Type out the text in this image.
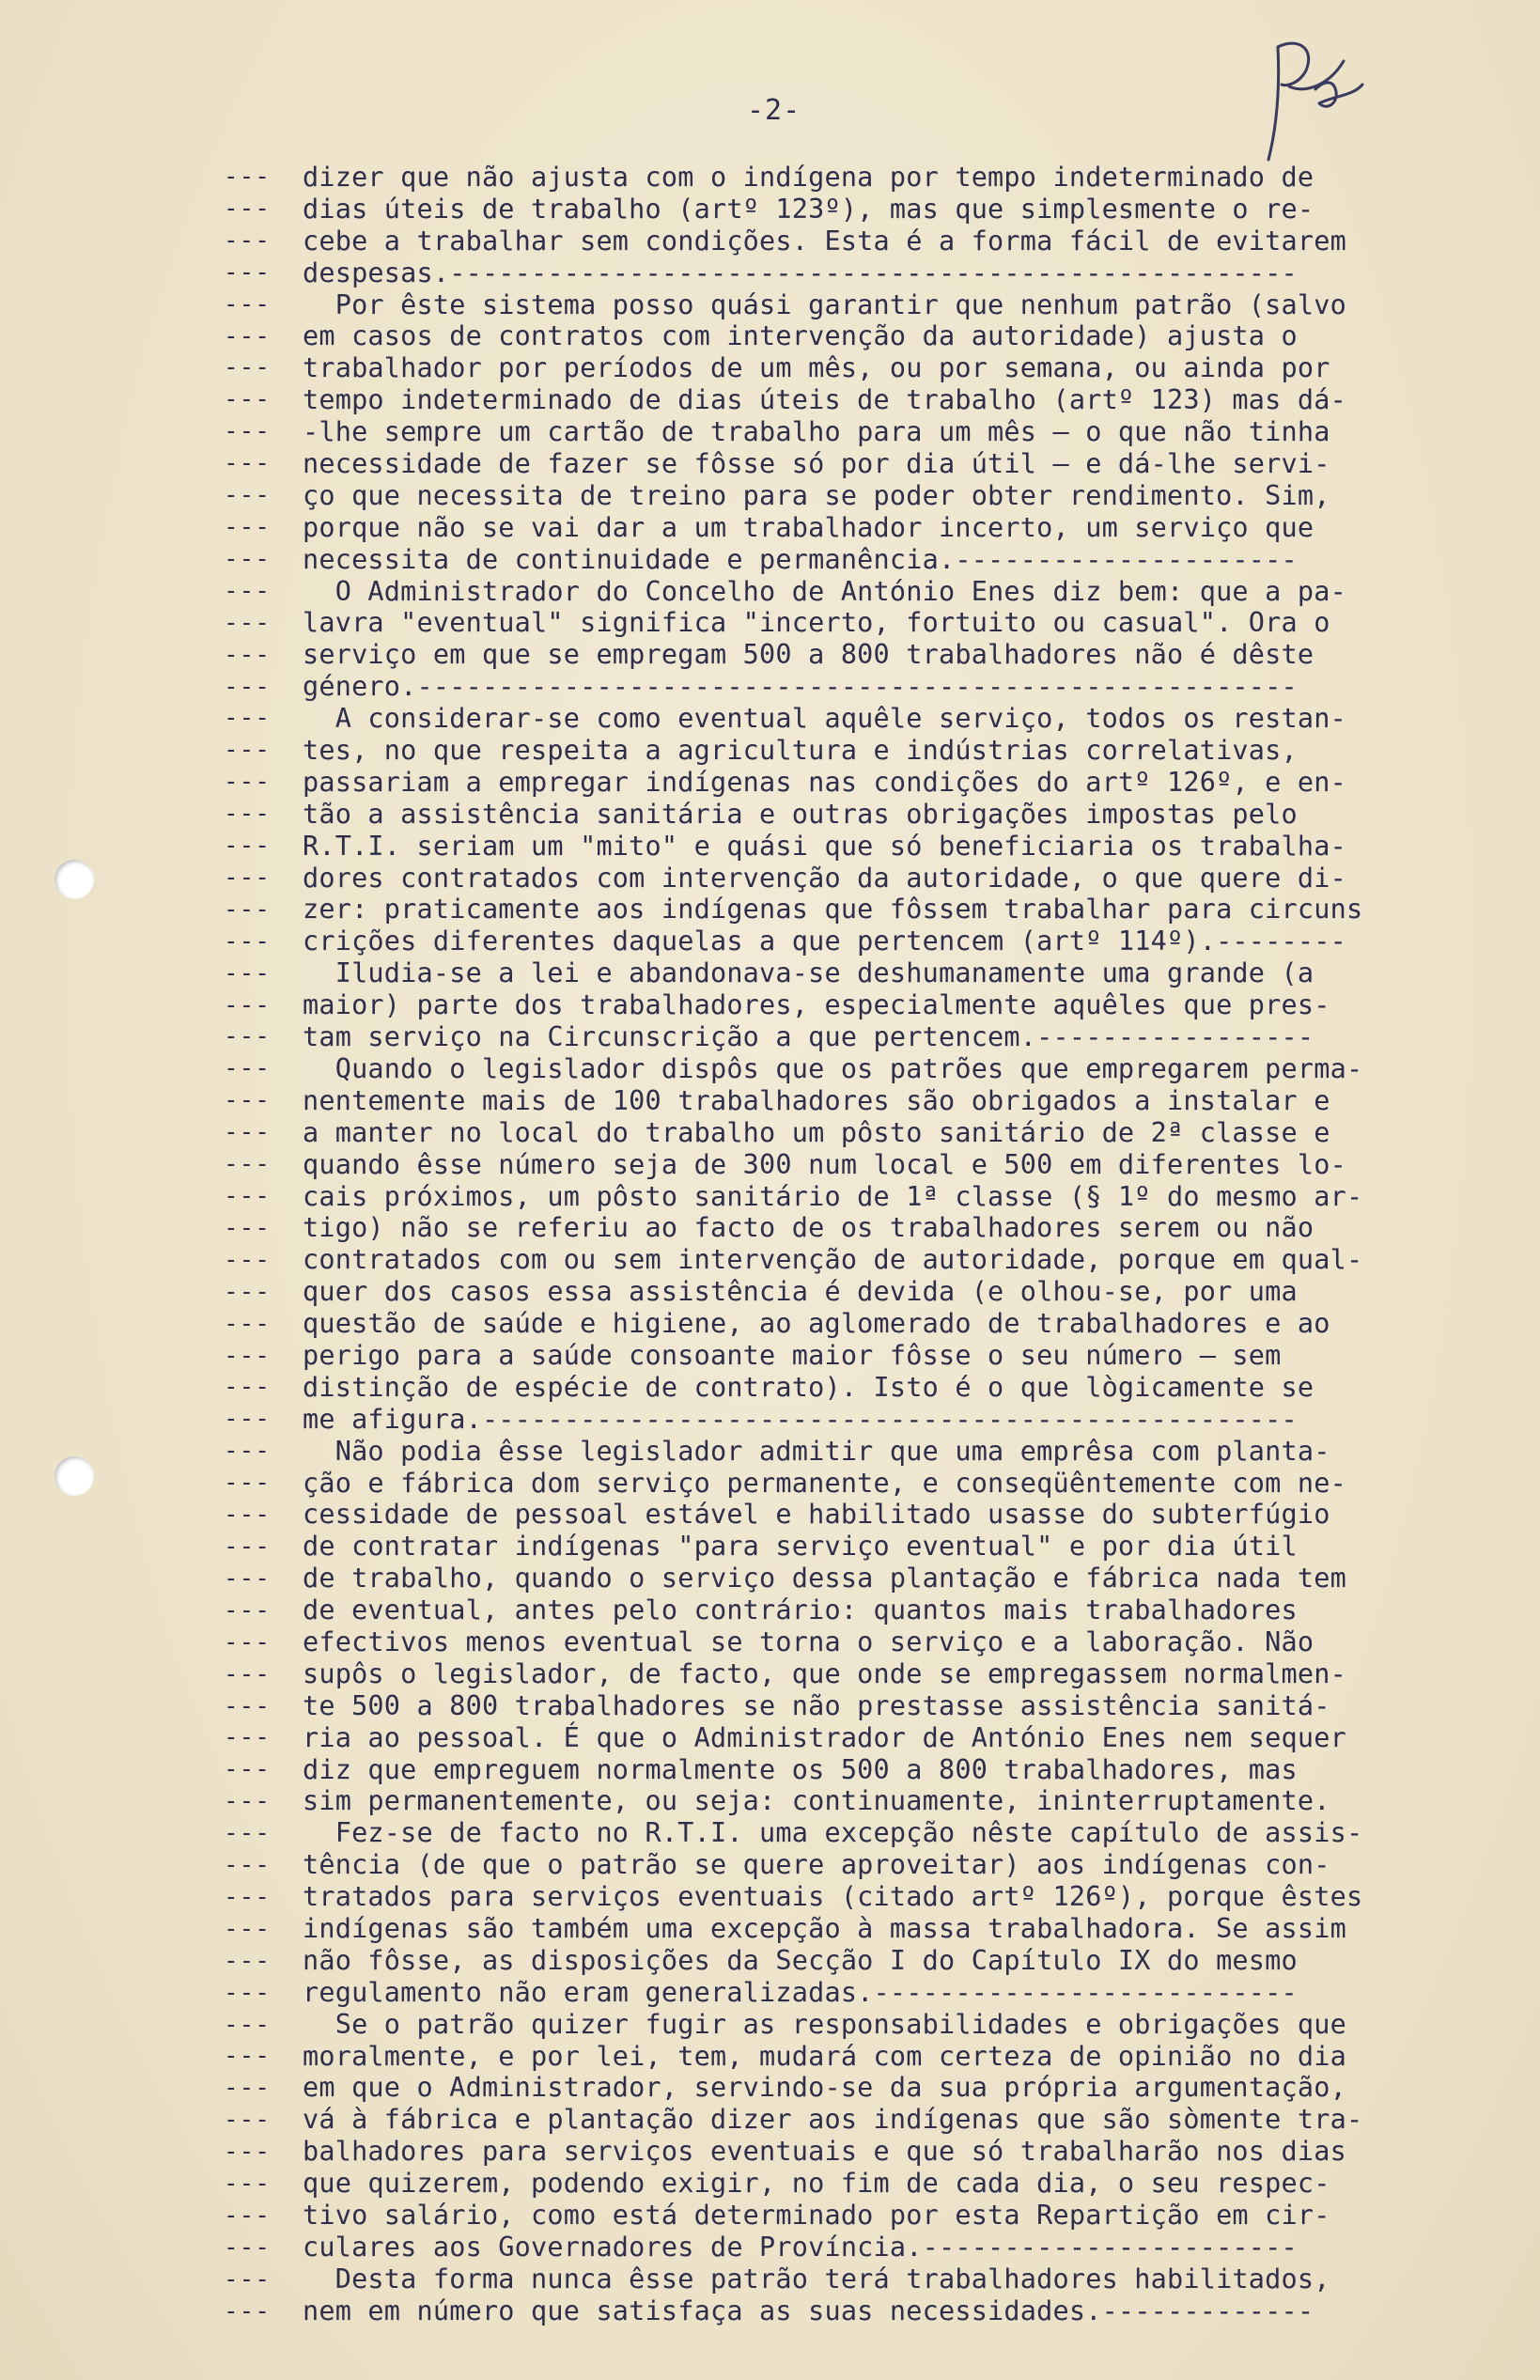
-2-
---
---
---
---
---
---
---
---
---
---
---
---
---
---
---
---
---
---
---
---
---
---
---
---
---
---
---
---
---
---
---
---
---
---
---
---
---
---
---
---
---
---
---
---
---
---
---
---
---
---
---
---
---
---
---
---
---
---
---
---
---
---
---
---
---
---
---
---
dizer que não ajusta com o indígena por tempo indeterminado de
dias úteis de trabalho (artº 123º), mas que simplesmente o re-
cebe a trabalhar sem condições. Esta é a forma fácil de evitarem
despesas.----------------------------------------------------
Por êste sistema posso quási garantir que nenhum patrão (salvo
em casos de contratos com intervenção da autoridade) ajusta o
trabalhador por períodos de um mês, ou por semana, ou ainda por
tempo indeterminado de dias úteis de trabalho (artº 123) mas dá-
-lhe sempre um cartão de trabalho para um mês — o que não tinha
necessidade de fazer se fôsse só por dia útil — e dá-lhe servi-
ço que necessita de treino para se poder obter rendimento. Sim,
porque não se vai dar a um trabalhador incerto, um serviço que
necessita de continuidade e permanência.---------------------
O Administrador do Concelho de António Enes diz bem: que a pa-
lavra "eventual" significa "incerto, fortuito ou casual". Ora o
serviço em que se empregam 500 a 800 trabalhadores não é dêste
género.------------------------------------------------------
A considerar-se como eventual aquêle serviço, todos os restan-
tes, no que respeita a agricultura e indústrias correlativas,
passariam a empregar indígenas nas condições do artº 126º, e en-
tão a assistência sanitária e outras obrigações impostas pelo
R.T.I. seriam um "mito" e quási que só beneficiaria os trabalha-
dores contratados com intervenção da autoridade, o que quere di-
zer: praticamente aos indígenas que fôssem trabalhar para circuns
crições diferentes daquelas a que pertencem (artº 114º).--------
Iludia-se a lei e abandonava-se deshumanamente uma grande (a
maior) parte dos trabalhadores, especialmente aquêles que pres-
tam serviço na Circunscrição a que pertencem.-----------------
Quando o legislador dispôs que os patrões que empregarem perma-
nentemente mais de 100 trabalhadores são obrigados a instalar e
a manter no local do trabalho um pôsto sanitário de 2ª classe e
quando êsse número seja de 300 num local e 500 em diferentes lo-
cais próximos, um pôsto sanitário de 1ª classe (§ 1º do mesmo ar-
tigo) não se referiu ao facto de os trabalhadores serem ou não
contratados com ou sem intervenção de autoridade, porque em qual-
quer dos casos essa assistência é devida (e olhou-se, por uma
questão de saúde e higiene, ao aglomerado de trabalhadores e ao
perigo para a saúde consoante maior fôsse o seu número — sem
distinção de espécie de contrato). Isto é o que lògicamente se
me afigura.--------------------------------------------------
Não podia êsse legislador admitir que uma emprêsa com planta-
ção e fábrica dom serviço permanente, e conseqüêntemente com ne-
cessidade de pessoal estável e habilitado usasse do subterfúgio
de contratar indígenas "para serviço eventual" e por dia útil
de trabalho, quando o serviço dessa plantação e fábrica nada tem
de eventual, antes pelo contrário: quantos mais trabalhadores
efectivos menos eventual se torna o serviço e a laboração. Não
supôs o legislador, de facto, que onde se empregassem normalmen-
te 500 a 800 trabalhadores se não prestasse assistência sanitá-
ria ao pessoal. É que o Administrador de António Enes nem sequer
diz que empreguem normalmente os 500 a 800 trabalhadores, mas
sim permanentemente, ou seja: continuamente, ininterruptamente.
Fez-se de facto no R.T.I. uma excepção nêste capítulo de assis-
tência (de que o patrão se quere aproveitar) aos indígenas con-
tratados para serviços eventuais (citado artº 126º), porque êstes
indígenas são também uma excepção à massa trabalhadora. Se assim
não fôsse, as disposições da Secção I do Capítulo IX do mesmo
regulamento não eram generalizadas.--------------------------
Se o patrão quizer fugir as responsabilidades e obrigações que
moralmente, e por lei, tem, mudará com certeza de opinião no dia
em que o Administrador, servindo-se da sua própria argumentação,
vá à fábrica e plantação dizer aos indígenas que são sòmente tra-
balhadores para serviços eventuais e que só trabalharão nos dias
que quizerem, podendo exigir, no fim de cada dia, o seu respec-
tivo salário, como está determinado por esta Repartição em cir-
culares aos Governadores de Província.-----------------------
Desta forma nunca êsse patrão terá trabalhadores habilitados,
nem em número que satisfaça as suas necessidades.-------------
